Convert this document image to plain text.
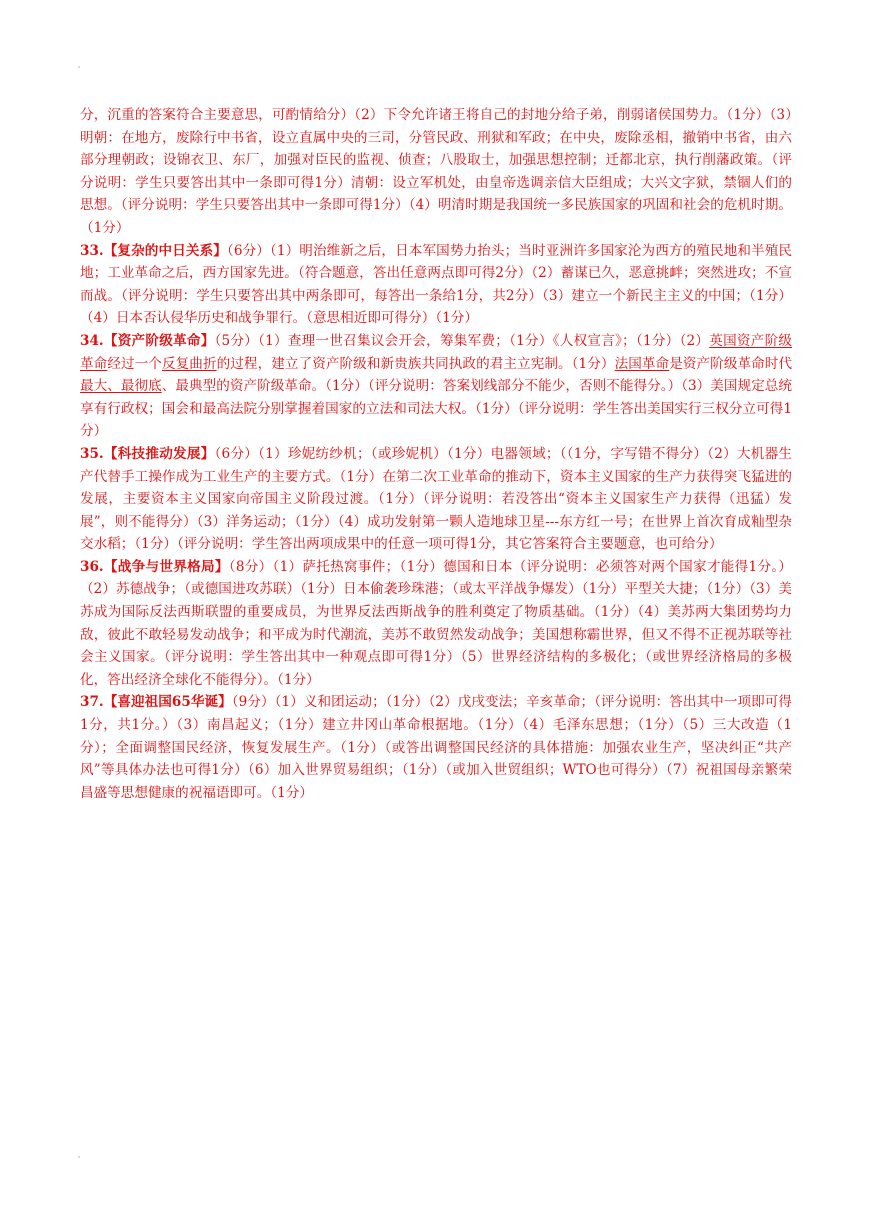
分，沉重的答案符合主要意思，可酌情给分）（2）下令允许诸王将自己的封地分给子弟，削弱诸侯国势力。（1分）（3）明朝：在地方，废除行中书省，设立直属中央的三司，分管民政、刑狱和军政；在中央，废除丞相，撤销中书省，由六部分理朝政；设锦衣卫、东厂，加强对臣民的监视、侦查；八股取士，加强思想控制；迁都北京，执行削藩政策。（评分说明：学生只要答出其中一条即可得1分）清朝：设立军机处，由皇帝选调亲信大臣组成；大兴文字狱，禁锢人们的思想。（评分说明：学生只要答出其中一条即可得1分）（4）明清时期是我国统一多民族国家的巩固和社会的危机时期。（1分）

33.【复杂的中日关系】（6分）（1）明治维新之后，日本军国势力抬头；当时亚洲许多国家沦为西方的殖民地和半殖民地；工业革命之后，西方国家先进。（符合题意，答出任意两点即可得2分）（2）蓄谋已久，恶意挑衅；突然进攻；不宣而战。（评分说明：学生只要答出其中两条即可，每答出一条给1分，共2分）（3）建立一个新民主主义的中国；（1分）（4）日本否认侵华历史和战争罪行。（意思相近即可得分）（1分）

34.【资产阶级革命】（5分）（1）查理一世召集议会开会，筹集军费；（1分）《人权宣言》；（1分）（2）英国资产阶级革命经过一个反复曲折的过程，建立了资产阶级和新贵族共同执政的君主立宪制。（1分）法国革命是资产阶级革命时代最大、最彻底、最典型的资产阶级革命。（1分）（评分说明：答案划线部分不能少，否则不能得分。）（3）美国规定总统享有行政权；国会和最高法院分别掌握着国家的立法和司法大权。（1分）（评分说明：学生答出美国实行三权分立可得1分）

35.【科技推动发展】（6分）（1）珍妮纺纱机；（或珍妮机）（1分）电器领域；（（1分，字写错不得分）（2）大机器生产代替手工操作成为工业生产的主要方式。（1分）在第二次工业革命的推动下，资本主义国家的生产力获得突飞猛进的发展，主要资本主义国家向帝国主义阶段过渡。（1分）（评分说明：若没答出“资本主义国家生产力获得（迅猛）发展”，则不能得分）（3）洋务运动；（1分）（4）成功发射第一颗人造地球卫星---东方红一号；在世界上首次育成籼型杂交水稻；（1分）（评分说明：学生答出两项成果中的任意一项可得1分，其它答案符合主要题意，也可给分）

36.【战争与世界格局】（8分）（1）萨托热窝事件；（1分）德国和日本（评分说明：必须答对两个国家才能得1分。）（2）苏德战争；（或德国进攻苏联）（1分）日本偷袭珍珠港；（或太平洋战争爆发）（1分）平型关大捷；（1分）（3）美苏成为国际反法西斯联盟的重要成员，为世界反法西斯战争的胜利奠定了物质基础。（1分）（4）美苏两大集团势均力敌，彼此不敢轻易发动战争；和平成为时代潮流，美苏不敢贸然发动战争；美国想称霸世界，但又不得不正视苏联等社会主义国家。（评分说明：学生答出其中一种观点即可得1分）（5）世界经济结构的多极化；（或世界经济格局的多极化，答出经济全球化不能得分）。（1分）

37.【喜迎祖国65华诞】（9分）（1）义和团运动；（1分）（2）戊戌变法；辛亥革命；（评分说明：答出其中一项即可得1分，共1分。）（3）南昌起义；（1分）建立井冈山革命根据地。（1分）（4）毛泽东思想；（1分）（5）三大改造（1分）；全面调整国民经济，恢复发展生产。（1分）（或答出调整国民经济的具体措施：加强农业生产，坚决纠正“共产风”等具体办法也可得1分）（6）加入世界贸易组织；（1分）（或加入世贸组织；WTO也可得分）（7）祝祖国母亲繁荣昌盛等思想健康的祝福语即可。（1分）
